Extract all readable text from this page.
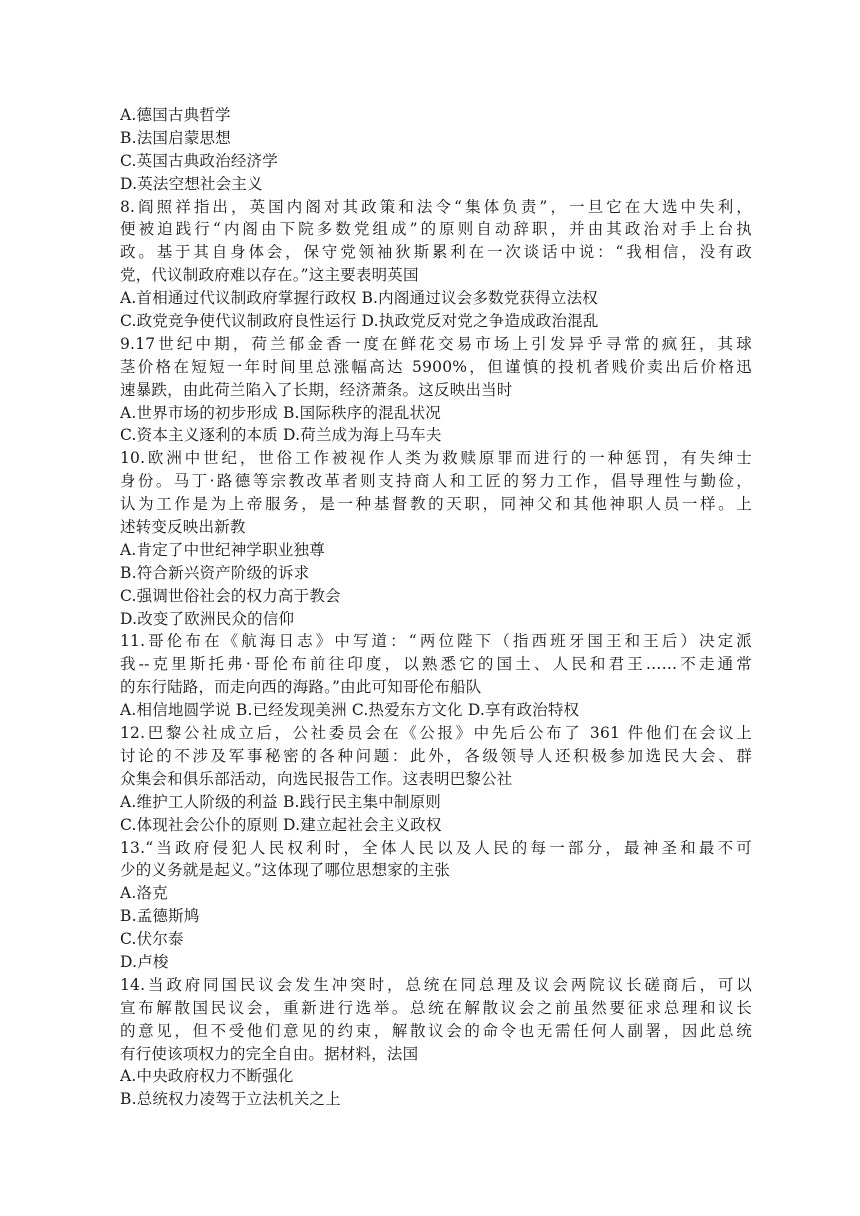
A.德国古典哲学
B.法国启蒙思想
C.英国古典政治经济学
D.英法空想社会主义
8.阎照祥指出，英国内阁对其政策和法令“集体负责”，一旦它在大选中失利，
便被迫践行“内阁由下院多数党组成”的原则自动辞职，并由其政治对手上台执
政。基于其自身体会，保守党领袖狄斯累利在一次谈话中说：“我相信，没有政
党，代议制政府难以存在。”这主要表明英国
A.首相通过代议制政府掌握行政权 B.内阁通过议会多数党获得立法权
C.政党竞争使代议制政府良性运行 D.执政党反对党之争造成政治混乱
9.17世纪中期，荷兰郁金香一度在鲜花交易市场上引发异乎寻常的疯狂，其球
茎价格在短短一年时间里总涨幅高达 5900%，但谨慎的投机者贱价卖出后价格迅
速暴跌，由此荷兰陷入了长期，经济萧条。这反映出当时
A.世界市场的初步形成 B.国际秩序的混乱状况
C.资本主义逐利的本质 D.荷兰成为海上马车夫
10.欧洲中世纪，世俗工作被视作人类为救赎原罪而进行的一种惩罚，有失绅士
身份。马丁·路德等宗教改革者则支持商人和工匠的努力工作，倡导理性与勤俭，
认为工作是为上帝服务，是一种基督教的天职，同神父和其他神职人员一样。上
述转变反映出新教
A.肯定了中世纪神学职业独尊
B.符合新兴资产阶级的诉求
C.强调世俗社会的权力高于教会
D.改变了欧洲民众的信仰
11.哥伦布在《航海日志》中写道：“两位陛下（指西班牙国王和王后）决定派
我--克里斯托弗·哥伦布前往印度，以熟悉它的国土、人民和君王……不走通常
的东行陆路，而走向西的海路。”由此可知哥伦布船队
A.相信地圆学说 B.已经发现美洲 C.热爱东方文化 D.享有政治特权
12.巴黎公社成立后，公社委员会在《公报》中先后公布了 361 件他们在会议上
讨论的不涉及军事秘密的各种问题：此外，各级领导人还积极参加选民大会、群
众集会和俱乐部活动，向选民报告工作。这表明巴黎公社
A.维护工人阶级的利益 B.践行民主集中制原则
C.体现社会公仆的原则 D.建立起社会主义政权
13.“当政府侵犯人民权利时，全体人民以及人民的每一部分，最神圣和最不可
少的义务就是起义。”这体现了哪位思想家的主张
A.洛克
B.孟德斯鸠
C.伏尔泰
D.卢梭
14.当政府同国民议会发生冲突时，总统在同总理及议会两院议长磋商后，可以
宣布解散国民议会，重新进行选举。总统在解散议会之前虽然要征求总理和议长
的意见，但不受他们意见的约束，解散议会的命令也无需任何人副署，因此总统
有行使该项权力的完全自由。据材料，法国
A.中央政府权力不断强化
B.总统权力凌驾于立法机关之上
